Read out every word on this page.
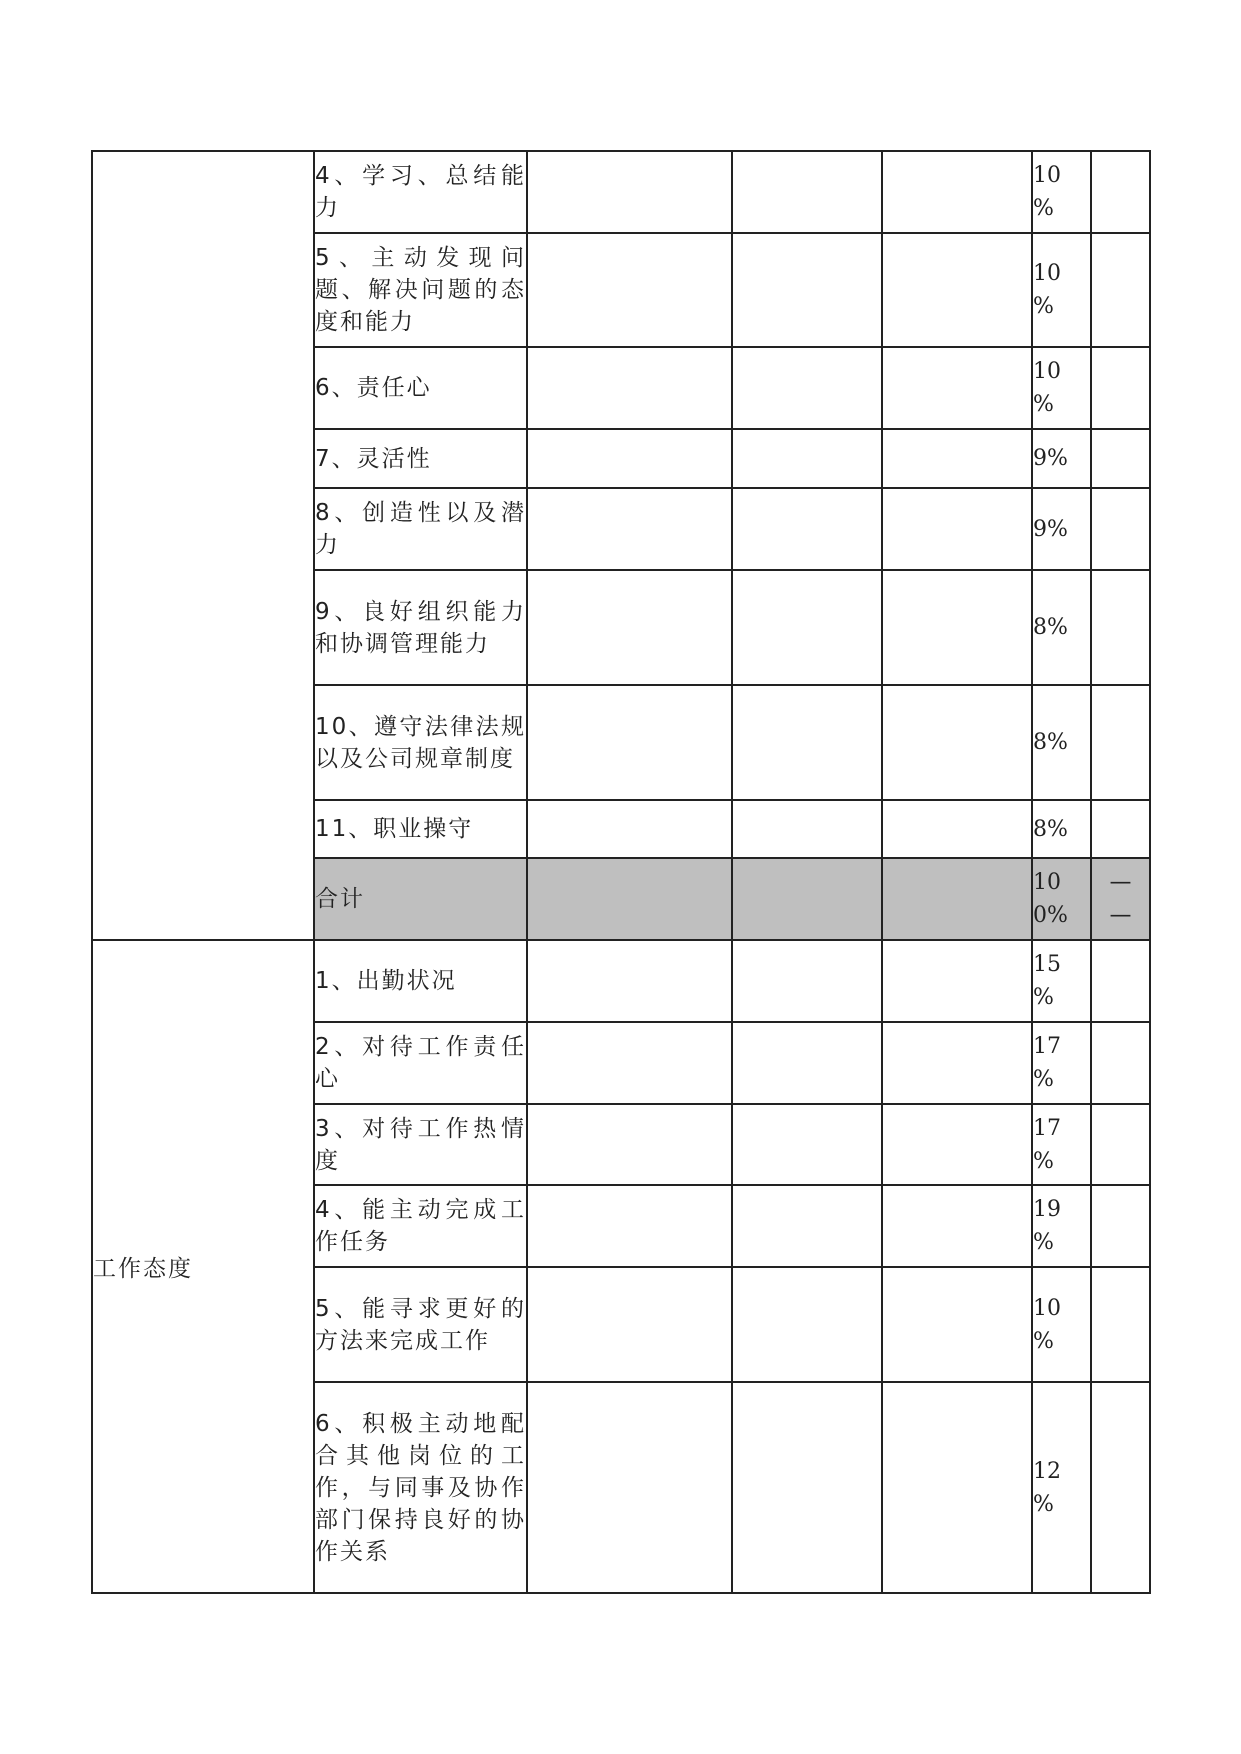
	4、学习、总结能力				10
%	

	5、主动发现问题、解决问题的态度和能力				10
%	

	6、责任心				10
%	

	7、灵活性				9%	

	8、创造性以及潜力				9%	

	9、良好组织能力和协调管理能力				8%	

	10、遵守法律法规以及公司规章制度				8%	

	11、职业操守				8%	

	合计				10
0%	—
—

工作态度	1、出勤状况				15
%	

	2、对待工作责任心				17
%	

	3、对待工作热情度				17
%	

	4、能主动完成工作任务				19
%	

	5、能寻求更好的方法来完成工作				10
%	

	6、积极主动地配合其他岗位的工作，与同事及协作部门保持良好的协作关系				12
%	
